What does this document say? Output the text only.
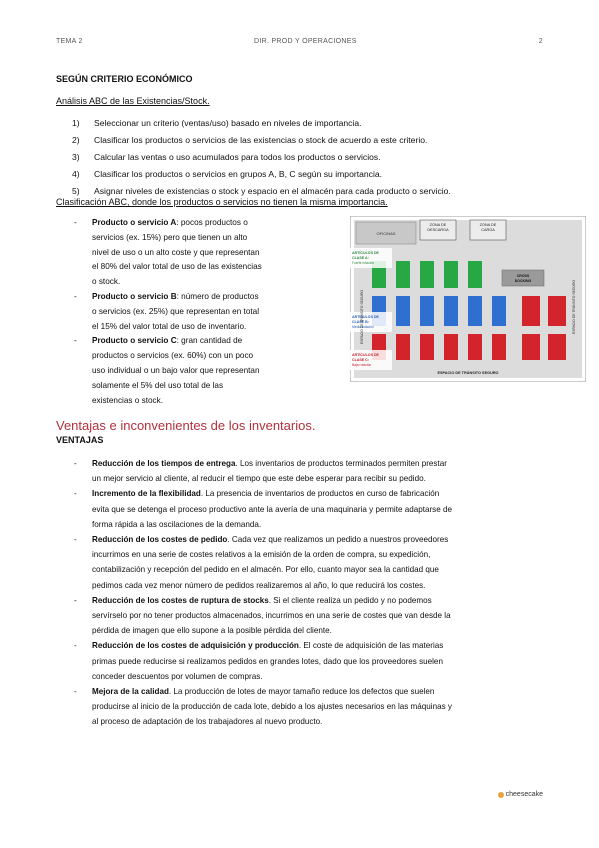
TEMA 2	DIR. PROD Y OPERACIONES	2
SEGÚN CRITERIO ECONÓMICO
Análisis ABC de las Existencias/Stock.
1)	Seleccionar un criterio (ventas/uso) basado en niveles de importancia.
2)	Clasificar los productos o servicios de las existencias o stock de acuerdo a este criterio.
3)	Calcular las ventas o uso acumulados para todos los productos o servicios.
4)	Clasificar los productos o servicios en grupos A, B, C según su importancia.
5)	Asignar niveles de existencias o stock y espacio en el almacén para cada producto o servicio.
Clasificación ABC, donde los productos o servicios no tienen la misma importancia.
-	Producto o servicio A: pocos productos o
servicios (ex. 15%) pero que tienen un alto
nivel de uso o un alto coste y que representan
el 80% del valor total de uso de las existencias
o stock.
-	Producto o servicio B: número de productos
o servicios (ex. 25%) que representan en total
el 15% del valor total de uso de inventario.
-	Producto o servicio C: gran cantidad de
productos o servicios (ex. 60%) con un poco
uso individual o un bajo valor que representan
solamente el 5% del uso total de las
existencias o stock.
OFICINAS
ZONA DE
DESCARGA
ZONA DE
CARGA
CROSS
DOCKING
ARTÍCULOS DE
CLASE A:
Fuerte rotación
ARTÍCULOS DE
CLASE B:
Media rotación
ARTÍCULOS DE
CLASE C:
Baja rotación
ESPACIO DE TRÁNSITO SEGURO	ESPACIO DE TRÁNSITO SEGURO
ESPACIO DE TRÁNSITO SEGURO
Ventajas e inconvenientes de los inventarios.
VENTAJAS
-	Reducción de los tiempos de entrega. Los inventarios de productos terminados permiten prestar
un mejor servicio al cliente, al reducir el tiempo que este debe esperar para recibir su pedido.
-	Incremento de la flexibilidad. La presencia de inventarios de productos en curso de fabricación
evita que se detenga el proceso productivo ante la avería de una maquinaria y permite adaptarse de
forma rápida a las oscilaciones de la demanda.
-	Reducción de los costes de pedido. Cada vez que realizamos un pedido a nuestros proveedores
incurrimos en una serie de costes relativos a la emisión de la orden de compra, su expedición,
contabilización y recepción del pedido en el almacén. Por ello, cuanto mayor sea la cantidad que
pedimos cada vez menor número de pedidos realizaremos al año, lo que reducirá los costes.
-	Reducción de los costes de ruptura de stocks. Si el cliente realiza un pedido y no podemos
servírselo por no tener productos almacenados, incurrimos en una serie de costes que van desde la
pérdida de imagen que ello supone a la posible pérdida del cliente.
-	Reducción de los costes de adquisición y producción. El coste de adquisición de las materias
primas puede reducirse si realizamos pedidos en grandes lotes, dado que los proveedores suelen
conceder descuentos por volumen de compras.
-	Mejora de la calidad. La producción de lotes de mayor tamaño reduce los defectos que suelen
producirse al inicio de la producción de cada lote, debido a los ajustes necesarios en las máquinas y
al proceso de adaptación de los trabajadores al nuevo producto.
cheesecake
